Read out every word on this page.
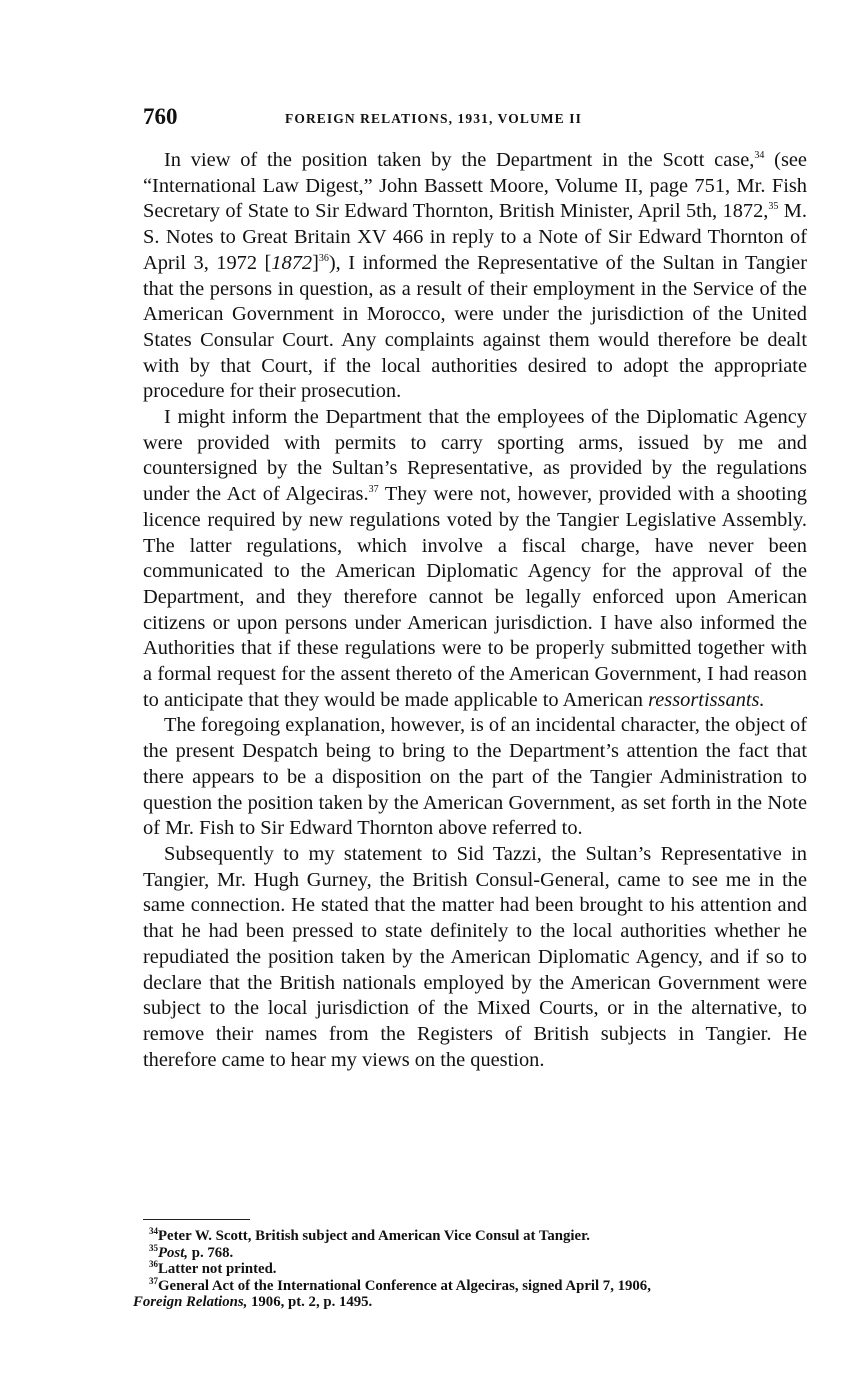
760	FOREIGN RELATIONS, 1931, VOLUME II

In view of the position taken by the Department in the Scott case,$^{34}$ (see “International Law Digest,” John Bassett Moore, Volume II, page 751, Mr. Fish Secretary of State to Sir Edward Thornton, British Minister, April 5th, 1872,35 M. S. Notes to Great Britain XV 466 in reply to a Note of Sir Edward Thornton of April 3, 1972 $[1872]^{36}$), I informed the Representative of the Sultan in Tangier that the persons in question, as a result of their employment in the Service of the American Government in Morocco, were under the jurisdiction of the United States Consular Court. Any complaints against them would therefore be dealt with by that Court, if the local authorities desired to adopt the appropriate procedure for their prosecution.

I might inform the Department that the employees of the Diplomatic Agency were provided with permits to carry sporting arms, issued by me and countersigned by the Sultan’s Representative, as provided by the regulations under the Act of Algeciras.$^{37}$ They were not, however, provided with a shooting licence required by new regulations voted by the Tangier Legislative Assembly. The latter regulations, which involve a fiscal charge, have never been communicated to the American Diplomatic Agency for the approval of the Department, and they therefore cannot be legally enforced upon American citizens or upon persons under American jurisdiction. I have also informed the Authorities that if these regulations were to be properly submitted together with a formal request for the assent thereto of the American Government, I had reason to anticipate that they would be made applicable to American ressortissants.

The foregoing explanation, however, is of an incidental character, the object of the present Despatch being to bring to the Department’s attention the fact that there appears to be a disposition on the part of the Tangier Administration to question the position taken by the American Government, as set forth in the Note of Mr. Fish to Sir Edward Thornton above referred to.

Subsequently to my statement to Sid Tazzi, the Sultan’s Representative in Tangier, Mr. Hugh Gurney, the British Consul-General, came to see me in the same connection. He stated that the matter had been brought to his attention and that he had been pressed to state definitely to the local authorities whether he repudiated the position taken by the American Diplomatic Agency, and if so to declare that the British nationals employed by the American Government were subject to the local jurisdiction of the Mixed Courts, or in the alternative, to remove their names from the Registers of British subjects in Tangier. He therefore came to hear my views on the question.

$^{34}$Peter W. Scott, British subject and American Vice Consul at Tangier.
$^{35}$Post, p. 768.
$^{36}$Latter not printed.
$^{37}$General Act of the International Conference at Algeciras, signed April 7, 1906,
Foreign Relations, 1906, pt. 2, p. 1495.
